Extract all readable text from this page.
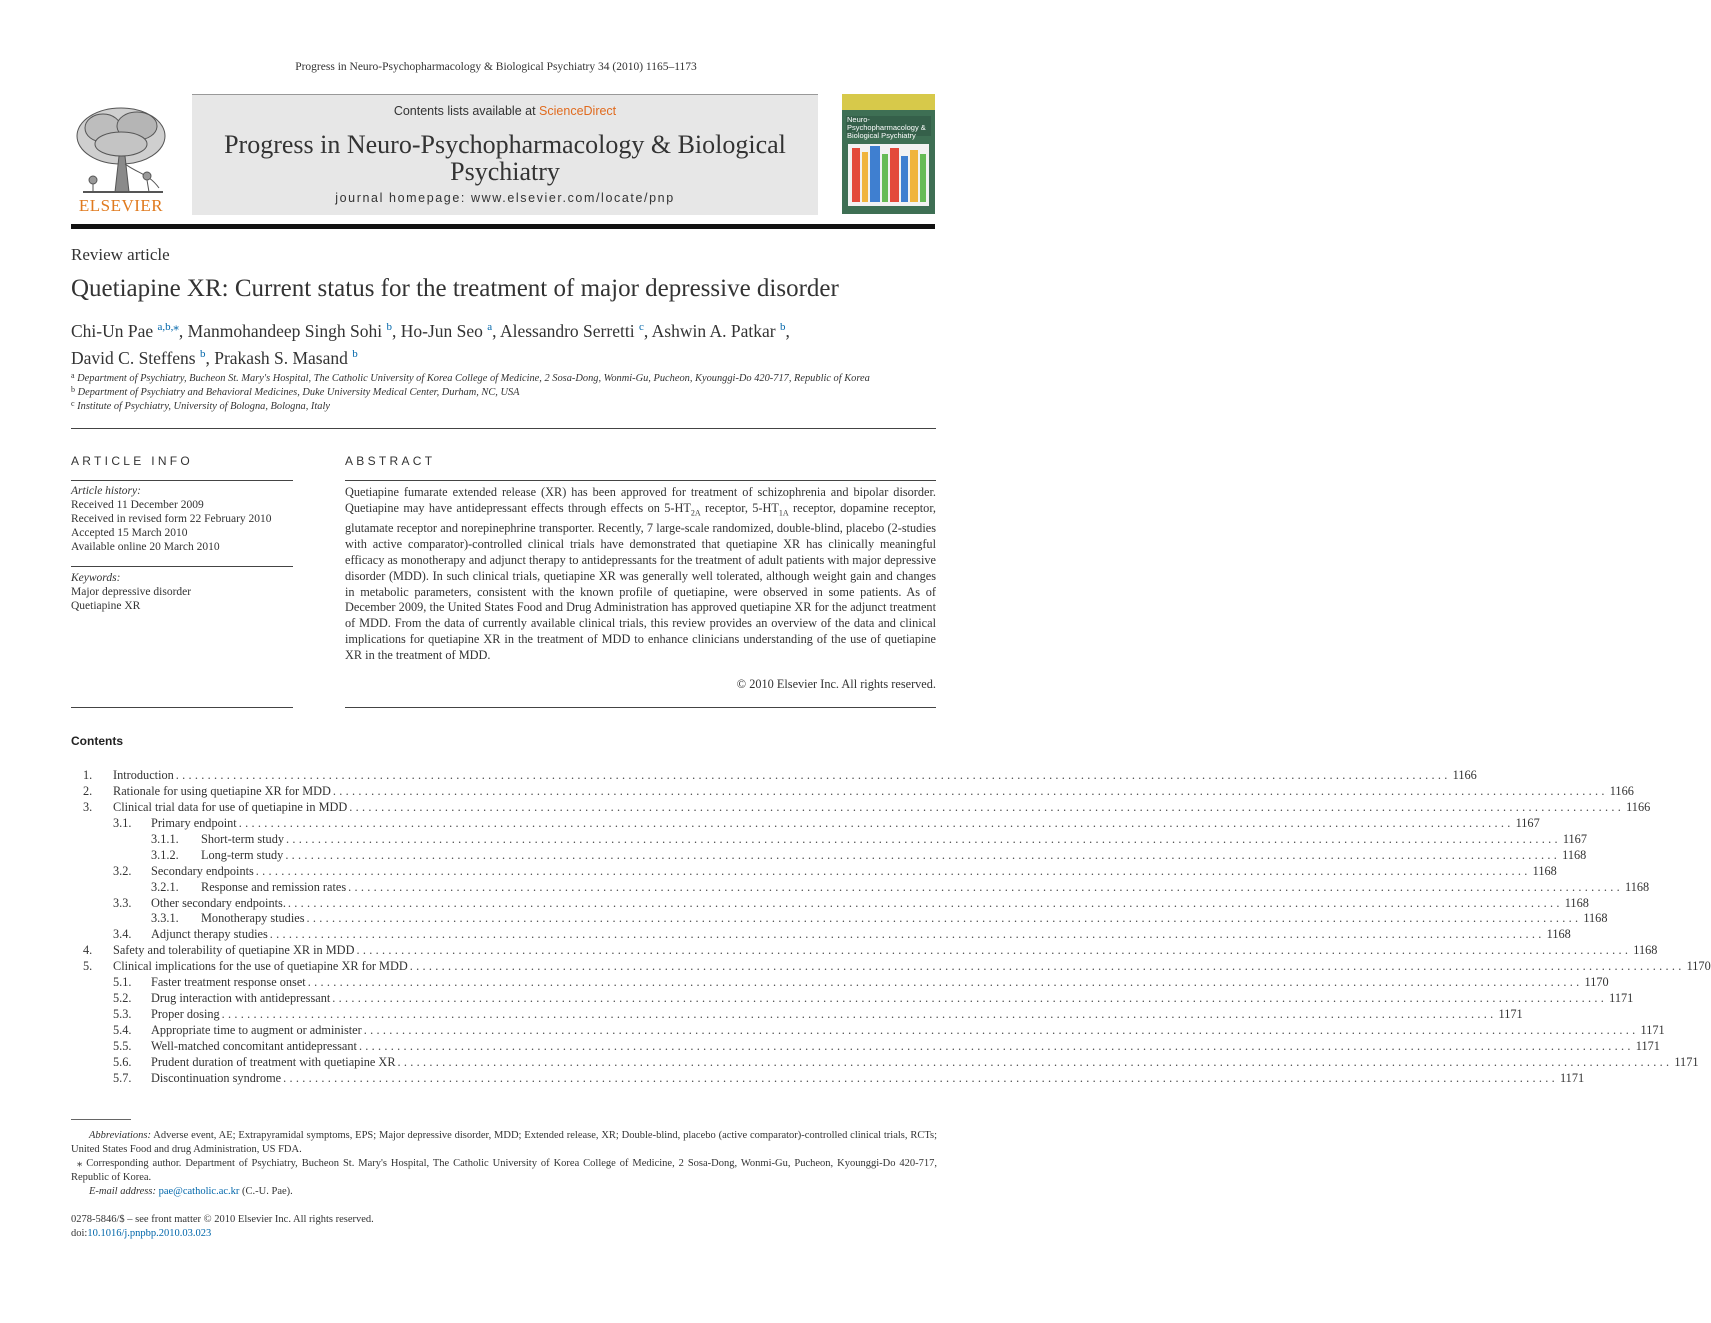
Progress in Neuro-Psychopharmacology & Biological Psychiatry 34 (2010) 1165–1173
Contents lists available at ScienceDirect
Progress in Neuro-Psychopharmacology & Biological Psychiatry
journal homepage: www.elsevier.com/locate/pnp
ELSEVIER
Neuro-Psychopharmacology & Biological Psychiatry
Review article
Quetiapine XR: Current status for the treatment of major depressive disorder
Chi-Un Pae $^{a,b,⁎}$, Manmohandeep Singh Sohi $^b$, Ho-Jun Seo $^a$, Alessandro Serretti $^c$, Ashwin A. Patkar $^b$,
David C. Steffens $^b$, Prakash S. Masand $^b$
$^a$ Department of Psychiatry, Bucheon St. Mary's Hospital, The Catholic University of Korea College of Medicine, 2 Sosa-Dong, Wonmi-Gu, Pucheon, Kyounggi-Do 420-717, Republic of Korea
$^b$ Department of Psychiatry and Behavioral Medicines, Duke University Medical Center, Durham, NC, USA
$^c$ Institute of Psychiatry, University of Bologna, Bologna, Italy
ARTICLE INFO
Article history:
Received 11 December 2009
Received in revised form 22 February 2010
Accepted 15 March 2010
Available online 20 March 2010
Keywords:
Major depressive disorder
Quetiapine XR
ABSTRACT
Quetiapine fumarate extended release (XR) has been approved for treatment of schizophrenia and bipolar disorder. Quetiapine may have antidepressant effects through effects on $5-HT_{2A}$ receptor, $5-HT_{1A}$ receptor, dopamine receptor, glutamate receptor and norepinephrine transporter. Recently, 7 large-scale randomized, double-blind, placebo (2-studies with active comparator)-controlled clinical trials have demonstrated that quetiapine XR has clinically meaningful efficacy as monotherapy and adjunct therapy to antidepressants for the treatment of adult patients with major depressive disorder (MDD). In such clinical trials, quetiapine XR was generally well tolerated, although weight gain and changes in metabolic parameters, consistent with the known profile of quetiapine, were observed in some patients. As of December 2009, the United States Food and Drug Administration has approved quetiapine XR for the adjunct treatment of MDD. From the data of currently available clinical trials, this review provides an overview of the data and clinical implications for quetiapine XR in the treatment of MDD to enhance clinicians understanding of the use of quetiapine XR in the treatment of MDD.
© 2010 Elsevier Inc. All rights reserved.
Contents
1. Introduction ........................................................................................................................................................................................................ 1166
2. Rationale for using quetiapine XR for MDD ........................................................................................................................................................................................................ 1166
3. Clinical trial data for use of quetiapine in MDD ........................................................................................................................................................................................................ 1166
3.1. Primary endpoint ........................................................................................................................................................................................................ 1167
3.1.1. Short-term study ........................................................................................................................................................................................................ 1167
3.1.2. Long-term study ........................................................................................................................................................................................................ 1168
3.2. Secondary endpoints ........................................................................................................................................................................................................ 1168
3.2.1. Response and remission rates ........................................................................................................................................................................................................ 1168
3.3. Other secondary endpoints. ........................................................................................................................................................................................................ 1168
3.3.1. Monotherapy studies ........................................................................................................................................................................................................ 1168
3.4. Adjunct therapy studies ........................................................................................................................................................................................................ 1168
4. Safety and tolerability of quetiapine XR in MDD ........................................................................................................................................................................................................ 1168
5. Clinical implications for the use of quetiapine XR for MDD ........................................................................................................................................................................................................ 1170
5.1. Faster treatment response onset ........................................................................................................................................................................................................ 1170
5.2. Drug interaction with antidepressant ........................................................................................................................................................................................................ 1171
5.3. Proper dosing ........................................................................................................................................................................................................ 1171
5.4. Appropriate time to augment or administer ........................................................................................................................................................................................................ 1171
5.5. Well-matched concomitant antidepressant ........................................................................................................................................................................................................ 1171
5.6. Prudent duration of treatment with quetiapine XR ........................................................................................................................................................................................................ 1171
5.7. Discontinuation syndrome ........................................................................................................................................................................................................ 1171
Abbreviations: Adverse event, AE; Extrapyramidal symptoms, EPS; Major depressive disorder, MDD; Extended release, XR; Double-blind, placebo (active comparator)-controlled clinical trials, RCTs; United States Food and drug Administration, US FDA.
⁎ Corresponding author. Department of Psychiatry, Bucheon St. Mary's Hospital, The Catholic University of Korea College of Medicine, 2 Sosa-Dong, Wonmi-Gu, Pucheon, Kyounggi-Do 420-717, Republic of Korea.
E-mail address: pae@catholic.ac.kr (C.-U. Pae).
0278-5846/$ – see front matter © 2010 Elsevier Inc. All rights reserved.
doi:10.1016/j.pnpbp.2010.03.023
